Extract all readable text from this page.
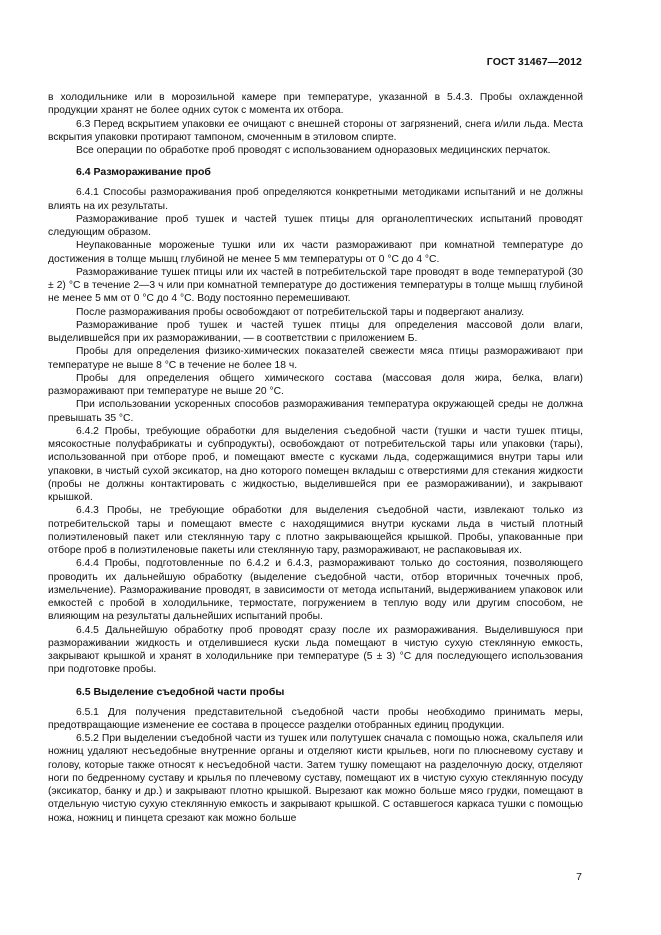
ГОСТ 31467—2012

в холодильнике или в морозильной камере при температуре, указанной в 5.4.3. Пробы охлажденной продукции хранят не более одних суток с момента их отбора.

6.3 Перед вскрытием упаковки ее очищают с внешней стороны от загрязнений, снега и/или льда. Места вскрытия упаковки протирают тампоном, смоченным в этиловом спирте.

Все операции по обработке проб проводят с использованием одноразовых медицинских перчаток.

6.4 Размораживание проб

6.4.1 Способы размораживания проб определяются конкретными методиками испытаний и не должны влиять на их результаты.

Размораживание проб тушек и частей тушек птицы для органолептических испытаний проводят следующим образом.

Неупакованные мороженые тушки или их части размораживают при комнатной температуре до достижения в толще мышц глубиной не менее 5 мм температуры от 0 °С до 4 °С.

Размораживание тушек птицы или их частей в потребительской таре проводят в воде температурой (30 ± 2) °С в течение 2—3 ч или при комнатной температуре до достижения температуры в толще мышц глубиной не менее 5 мм от 0 °С до 4 °С. Воду постоянно перемешивают.

После размораживания пробы освобождают от потребительской тары и подвергают анализу.

Размораживание проб тушек и частей тушек птицы для определения массовой доли влаги, выделившейся при их размораживании, — в соответствии с приложением Б.

Пробы для определения физико-химических показателей свежести мяса птицы размораживают при температуре не выше 8 °С в течение не более 18 ч.

Пробы для определения общего химического состава (массовая доля жира, белка, влаги) размораживают при температуре не выше 20 °С.

При использовании ускоренных способов размораживания температура окружающей среды не должна превышать 35 °С.

6.4.2 Пробы, требующие обработки для выделения съедобной части (тушки и части тушек птицы, мясокостные полуфабрикаты и субпродукты), освобождают от потребительской тары или упаковки (тары), использованной при отборе проб, и помещают вместе с кусками льда, содержащимися внутри тары или упаковки, в чистый сухой эксикатор, на дно которого помещен вкладыш с отверстиями для стекания жидкости (пробы не должны контактировать с жидкостью, выделившейся при ее размораживании), и закрывают крышкой.

6.4.3 Пробы, не требующие обработки для выделения съедобной части, извлекают только из потребительской тары и помещают вместе с находящимися внутри кусками льда в чистый плотный полиэтиленовый пакет или стеклянную тару с плотно закрывающейся крышкой. Пробы, упакованные при отборе проб в полиэтиленовые пакеты или стеклянную тару, размораживают, не распаковывая их.

6.4.4 Пробы, подготовленные по 6.4.2 и 6.4.3, размораживают только до состояния, позволяющего проводить их дальнейшую обработку (выделение съедобной части, отбор вторичных точечных проб, измельчение). Размораживание проводят, в зависимости от метода испытаний, выдерживанием упаковок или емкостей с пробой в холодильнике, термостате, погружением в теплую воду или другим способом, не влияющим на результаты дальнейших испытаний пробы.

6.4.5 Дальнейшую обработку проб проводят сразу после их размораживания. Выделившуюся при размораживании жидкость и отделившиеся куски льда помещают в чистую сухую стеклянную емкость, закрывают крышкой и хранят в холодильнике при температуре (5 ± 3) °С для последующего использования при подготовке пробы.

6.5 Выделение съедобной части пробы

6.5.1 Для получения представительной съедобной части пробы необходимо принимать меры, предотвращающие изменение ее состава в процессе разделки отобранных единиц продукции.

6.5.2 При выделении съедобной части из тушек или полутушек сначала с помощью ножа, скальпеля или ножниц удаляют несъедобные внутренние органы и отделяют кисти крыльев, ноги по плюсневому суставу и голову, которые также относят к несъедобной части. Затем тушку помещают на разделочную доску, отделяют ноги по бедренному суставу и крылья по плечевому суставу, помещают их в чистую сухую стеклянную посуду (эксикатор, банку и др.) и закрывают плотно крышкой. Вырезают как можно больше мясо грудки, помещают в отдельную чистую сухую стеклянную емкость и закрывают крышкой. С оставшегося каркаса тушки с помощью ножа, ножниц и пинцета срезают как можно больше

7
